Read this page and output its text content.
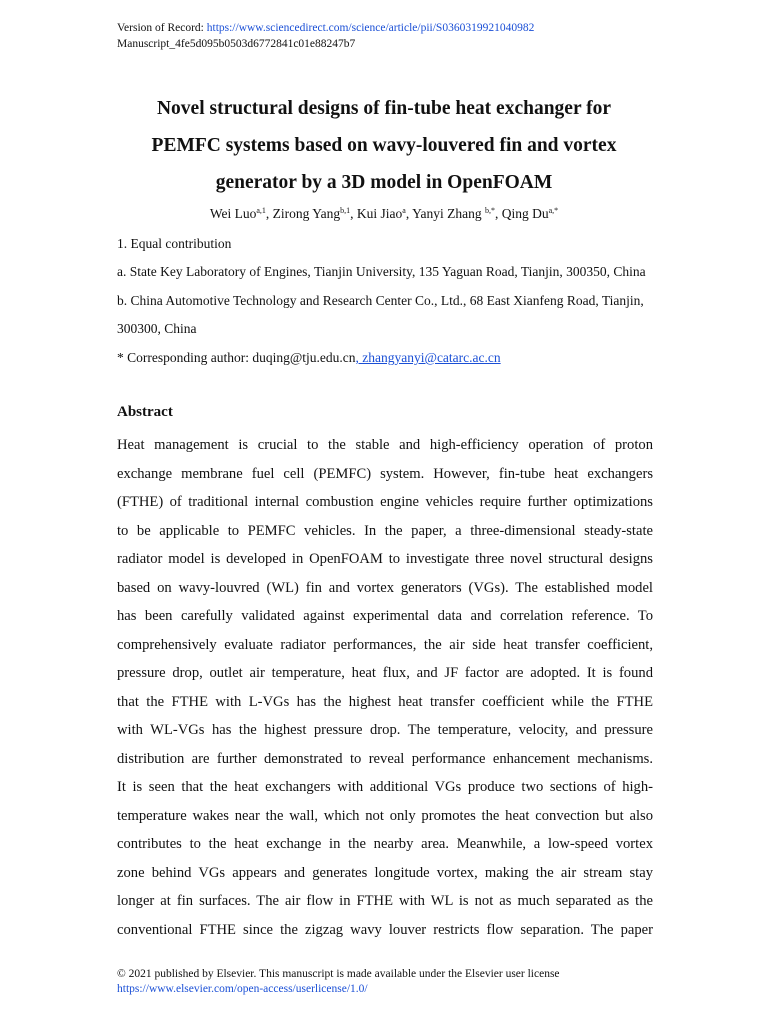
Version of Record: https://www.sciencedirect.com/science/article/pii/S0360319921040982
Manuscript_4fe5d095b0503d6772841c01e88247b7
Novel structural designs of fin-tube heat exchanger for
PEMFC systems based on wavy-louvered fin and vortex
generator by a 3D model in OpenFOAM
Wei Luo$^{a,1}$, Zirong Yang$^{b,1}$, Kui Jiao$^a$, Yanyi Zhang $^{b,*}$, Qing $Du^{a,*}$
1. Equal contribution
a. State Key Laboratory of Engines, Tianjin University, 135 Yaguan Road, Tianjin, 300350, China
b. China Automotive Technology and Research Center Co., Ltd., 68 East Xianfeng Road, Tianjin,
300300, China
* Corresponding author: duqing@tju.edu.cn, zhangyanyi@catarc.ac.cn
Abstract
Heat management is crucial to the stable and high-efficiency operation of proton
exchange membrane fuel cell (PEMFC) system. However, fin-tube heat exchangers
(FTHE) of traditional internal combustion engine vehicles require further optimizations
to be applicable to PEMFC vehicles. In the paper, a three-dimensional steady-state
radiator model is developed in OpenFOAM to investigate three novel structural designs
based on wavy-louvred (WL) fin and vortex generators (VGs). The established model
has been carefully validated against experimental data and correlation reference. To
comprehensively evaluate radiator performances, the air side heat transfer coefficient,
pressure drop, outlet air temperature, heat flux, and JF factor are adopted. It is found
that the FTHE with L-VGs has the highest heat transfer coefficient while the FTHE
with WL-VGs has the highest pressure drop. The temperature, velocity, and pressure
distribution are further demonstrated to reveal performance enhancement mechanisms.
It is seen that the heat exchangers with additional VGs produce two sections of high-
temperature wakes near the wall, which not only promotes the heat convection but also
contributes to the heat exchange in the nearby area. Meanwhile, a low-speed vortex
zone behind VGs appears and generates longitude vortex, making the air stream stay
longer at fin surfaces. The air flow in FTHE with WL is not as much separated as the
conventional FTHE since the zigzag wavy louver restricts flow separation. The paper
© 2021 published by Elsevier. This manuscript is made available under the Elsevier user license
https://www.elsevier.com/open-access/userlicense/1.0/
